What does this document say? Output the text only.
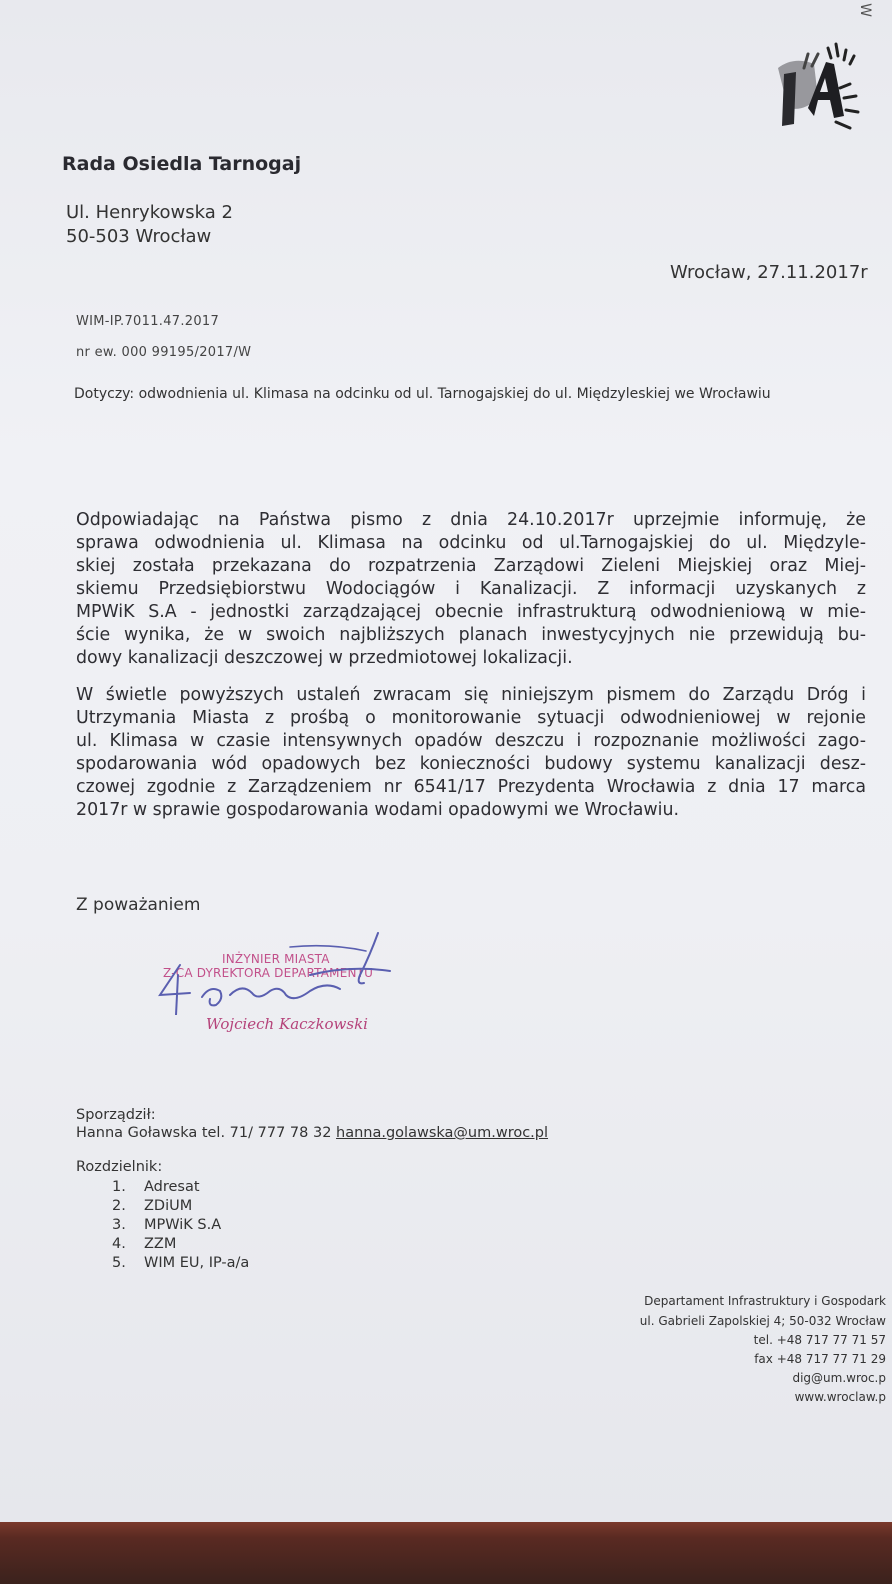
W
Rada Osiedla Tarnogaj
Ul. Henrykowska 2
50-503 Wrocław
Wrocław, 27.11.2017r
WIM-IP.7011.47.2017
nr ew. 000 99195/2017/W
Dotyczy: odwodnienia ul. Klimasa na odcinku od ul. Tarnogajskiej do ul. Międzyleskiej we Wrocławiu
Odpowiadając na Państwa pismo z dnia 24.10.2017r uprzejmie informuję, że
sprawa odwodnienia ul. Klimasa na odcinku od ul.Tarnogajskiej do ul. Międzyle-
skiej została przekazana do rozpatrzenia Zarządowi Zieleni Miejskiej oraz Miej-
skiemu Przedsiębiorstwu Wodociągów i Kanalizacji. Z informacji uzyskanych z
MPWiK S.A - jednostki zarządzającej obecnie infrastrukturą odwodnieniową w mie-
ście wynika, że w swoich najbliższych planach inwestycyjnych nie przewidują bu-
dowy kanalizacji deszczowej w przedmiotowej lokalizacji.
W świetle powyższych ustaleń zwracam się niniejszym pismem do Zarządu Dróg i
Utrzymania Miasta z prośbą o monitorowanie sytuacji odwodnieniowej w rejonie
ul. Klimasa w czasie intensywnych opadów deszczu i rozpoznanie możliwości zago-
spodarowania wód opadowych bez konieczności budowy systemu kanalizacji desz-
czowej zgodnie z Zarządzeniem nr 6541/17 Prezydenta Wrocławia z dnia 17 marca
2017r w sprawie gospodarowania wodami opadowymi we Wrocławiu.
Z poważaniem
INŻYNIER MIASTA
Z-CA DYREKTORA DEPARTAMENTU
Wojciech Kaczkowski
Sporządził:
Hanna Goławska tel. 71/ 777 78 32 hanna.golawska@um.wroc.pl
Rozdzielnik:
1. Adresat
2. ZDiUM
3. MPWiK S.A
4. ZZM
5. WIM EU, IP-a/a
Departament Infrastruktury i Gospodark
ul. Gabrieli Zapolskiej 4; 50-032 Wrocław
tel. +48 717 77 71 57
fax +48 717 77 71 29
dig@um.wroc.p
www.wroclaw.p
